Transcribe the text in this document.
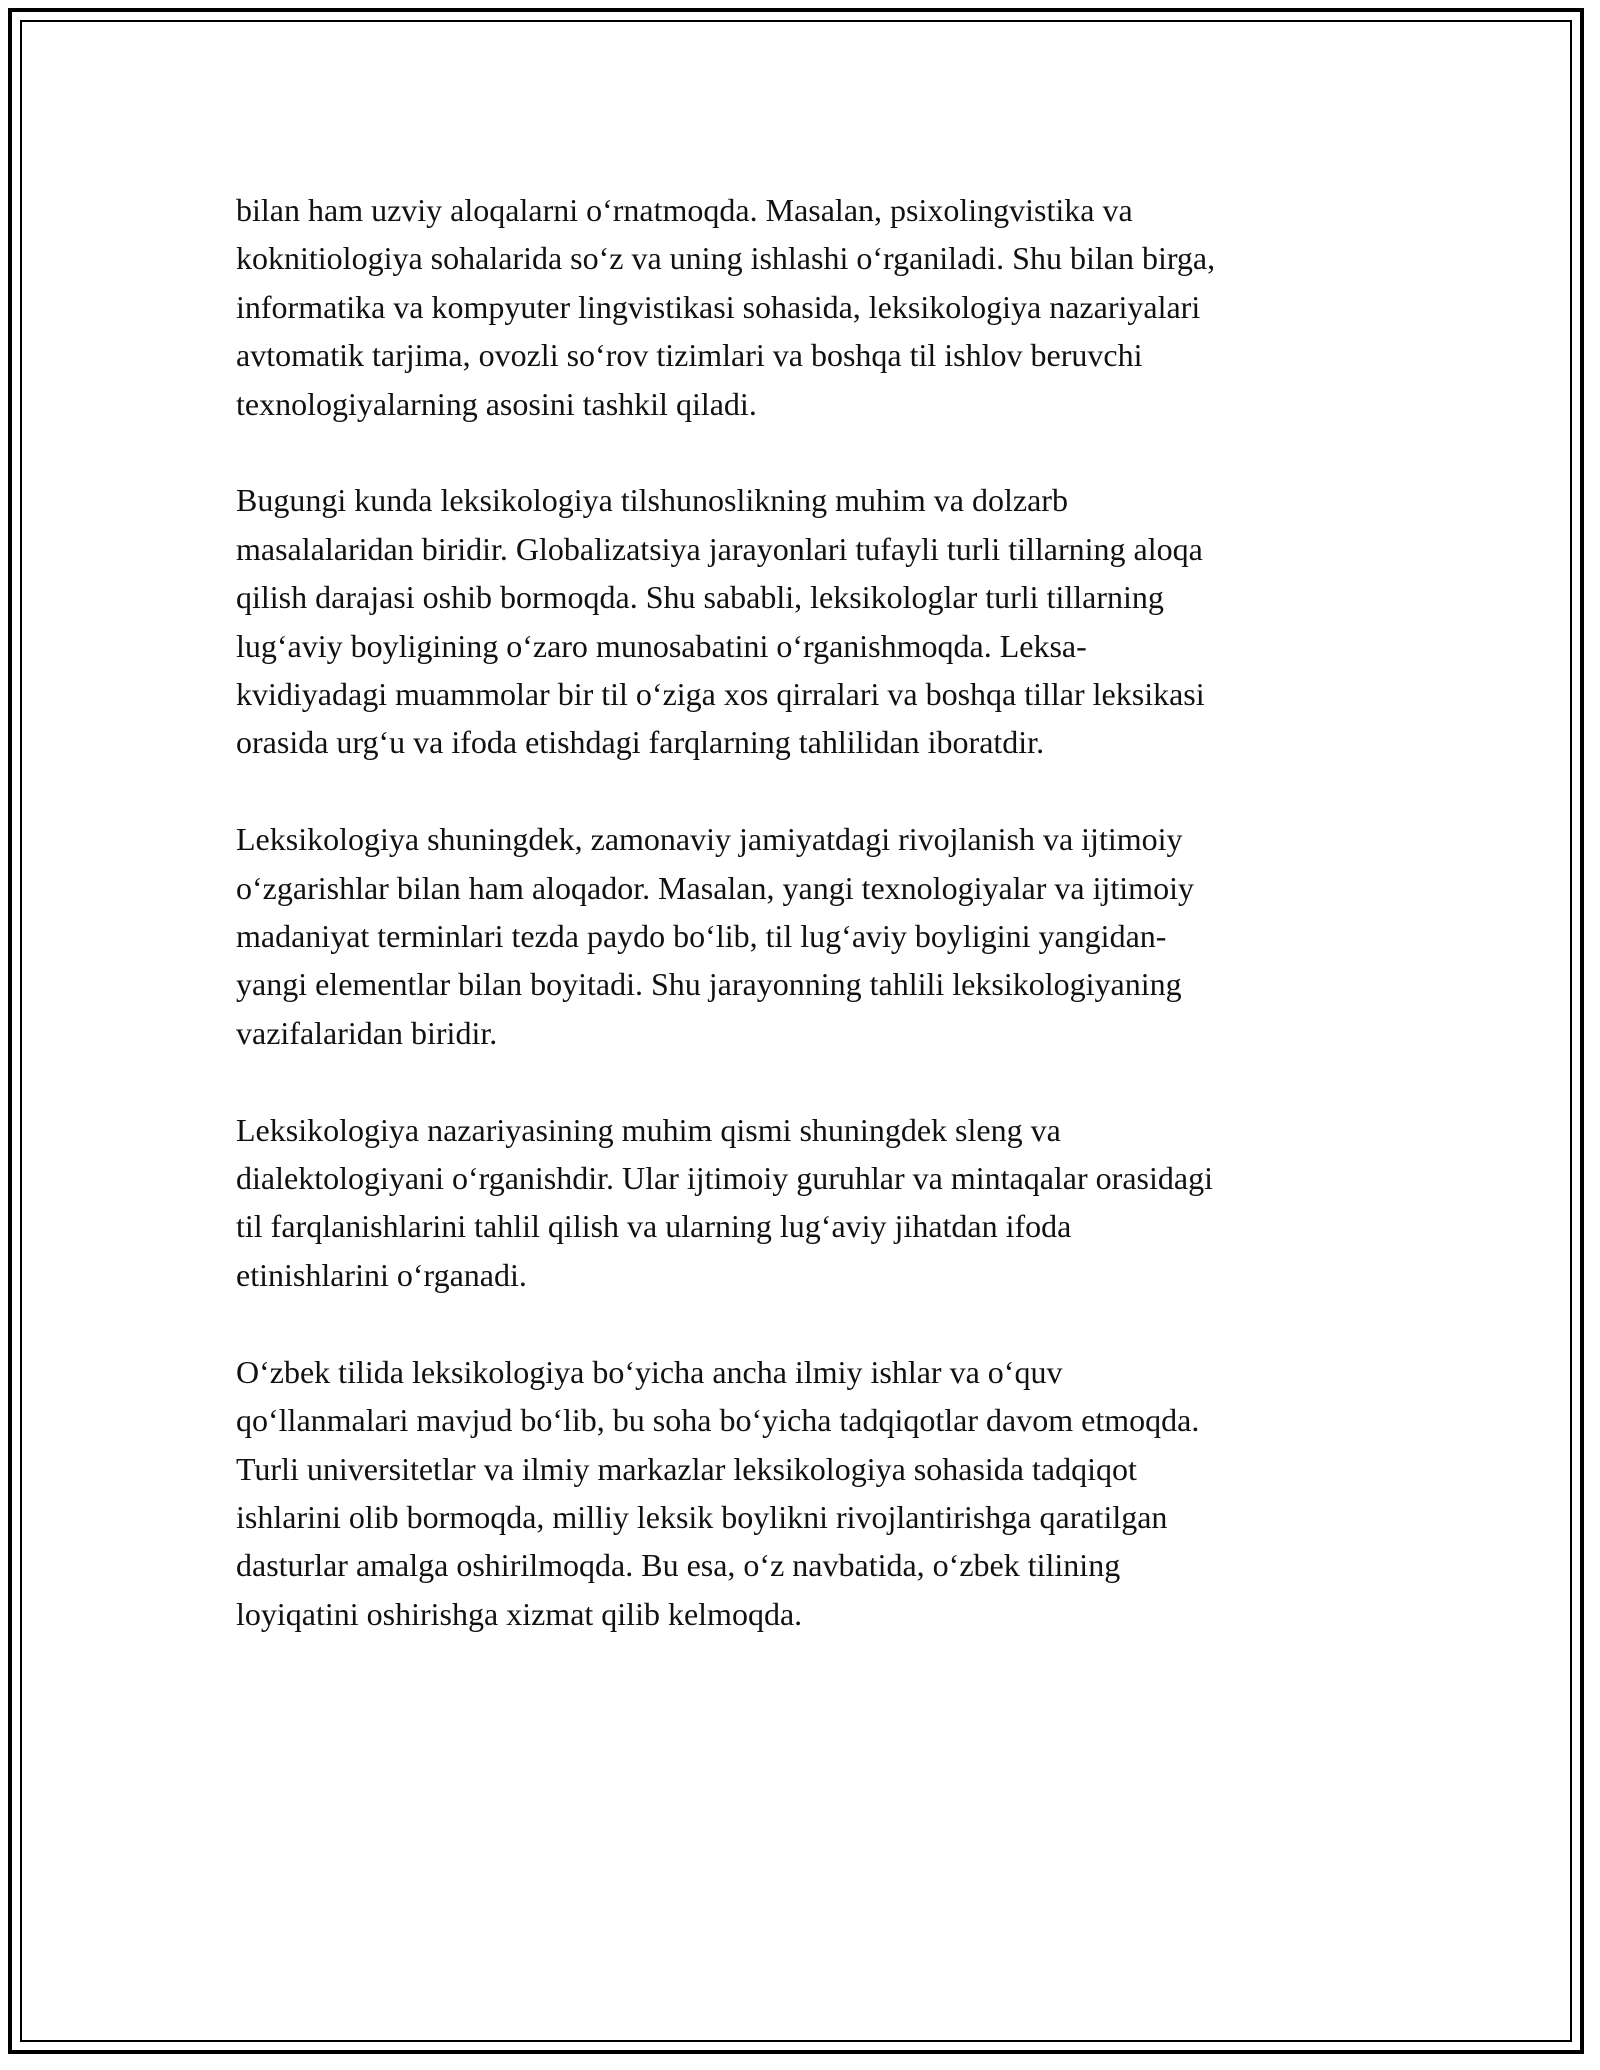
bilan ham uzviy aloqalarni oʻrnatmoqda. Masalan, psixolingvistika va
koknitiologiya sohalarida soʻz va uning ishlashi oʻrganiladi. Shu bilan birga,
informatika va kompyuter lingvistikasi sohasida, leksikologiya nazariyalari
avtomatik tarjima, ovozli soʻrov tizimlari va boshqa til ishlov beruvchi
texnologiyalarning asosini tashkil qiladi.

Bugungi kunda leksikologiya tilshunoslikning muhim va dolzarb
masalalaridan biridir. Globalizatsiya jarayonlari tufayli turli tillarning aloqa
qilish darajasi oshib bormoqda. Shu sababli, leksikologlar turli tillarning
lugʻaviy boyligining oʻzaro munosabatini oʻrganishmoqda. Leksa-
kvidiyadagi muammolar bir til oʻziga xos qirralari va boshqa tillar leksikasi
orasida urgʻu va ifoda etishdagi farqlarning tahlilidan iboratdir.

Leksikologiya shuningdek, zamonaviy jamiyatdagi rivojlanish va ijtimoiy
oʻzgarishlar bilan ham aloqador. Masalan, yangi texnologiyalar va ijtimoiy
madaniyat terminlari tezda paydo boʻlib, til lugʻaviy boyligini yangidan-
yangi elementlar bilan boyitadi. Shu jarayonning tahlili leksikologiyaning
vazifalaridan biridir.

Leksikologiya nazariyasining muhim qismi shuningdek sleng va
dialektologiyani oʻrganishdir. Ular ijtimoiy guruhlar va mintaqalar orasidagi
til farqlanishlarini tahlil qilish va ularning lugʻaviy jihatdan ifoda
etinishlarini oʻrganadi.

Oʻzbek tilida leksikologiya boʻyicha ancha ilmiy ishlar va oʻquv
qoʻllanmalari mavjud boʻlib, bu soha boʻyicha tadqiqotlar davom etmoqda.
Turli universitetlar va ilmiy markazlar leksikologiya sohasida tadqiqot
ishlarini olib bormoqda, milliy leksik boylikni rivojlantirishga qaratilgan
dasturlar amalga oshirilmoqda. Bu esa, oʻz navbatida, oʻzbek tilining
loyiqatini oshirishga xizmat qilib kelmoqda.
